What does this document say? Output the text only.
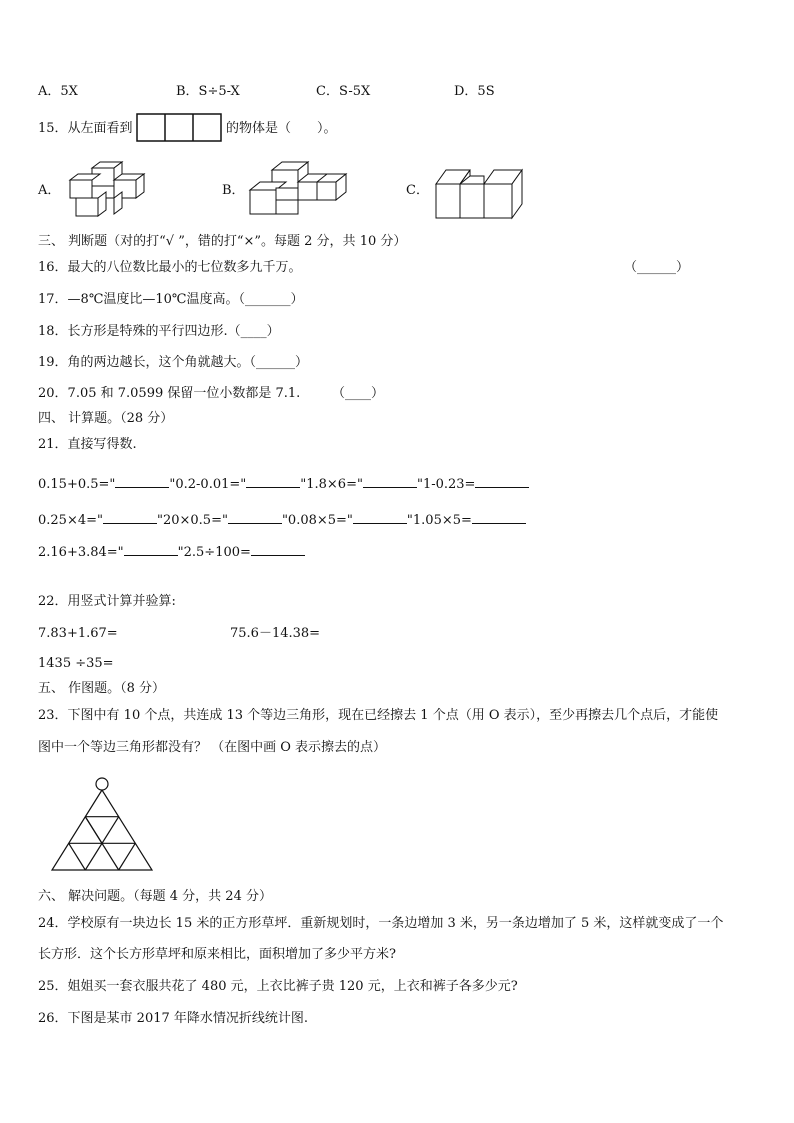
A．5X	B．S÷5-X	C．S-5X	D．5S
15．从左面看到	的物体是（　　）。
A．	B．	C．
三、 判断题（对的打“√ ”，错的打“×”。每题 2 分，共 10 分）
16．最大的八位数比最小的七位数多九千万。	（______）
17．—8℃温度比—10℃温度高。（_______）
18．长方形是特殊的平行四边形.（____）
19．角的两边越长，这个角就越大。（______）
20．7.05 和 7.0599 保留一位小数都是 7.1. （____）
四、 计算题。（28 分）
21．直接写得数.
0.15+0.5="	"0.2-0.01="	"1.8×6="	"1-0.23=
0.25×4="	"20×0.5="	"0.08×5="	"1.05×5=
2.16+3.84="	"2.5÷100=
22．用竖式计算并验算:
7.83+1.67=	75.6－14.38=
1435 ÷35=
五、 作图题。（8 分）
23．下图中有 10 个点，共连成 13 个等边三角形，现在已经擦去 1 个点（用 O 表示），至少再擦去几个点后，才能使
图中一个等边三角形都没有？ （在图中画 O 表示擦去的点）
六、 解决问题。（每题 4 分，共 24 分）
24．学校原有一块边长 15 米的正方形草坪．重新规划时，一条边增加 3 米，另一条边增加了 5 米，这样就变成了一个
长方形．这个长方形草坪和原来相比，面积增加了多少平方米?
25．姐姐买一套衣服共花了 480 元，上衣比裤子贵 120 元，上衣和裤子各多少元?
26．下图是某市 2017 年降水情况折线统计图.
